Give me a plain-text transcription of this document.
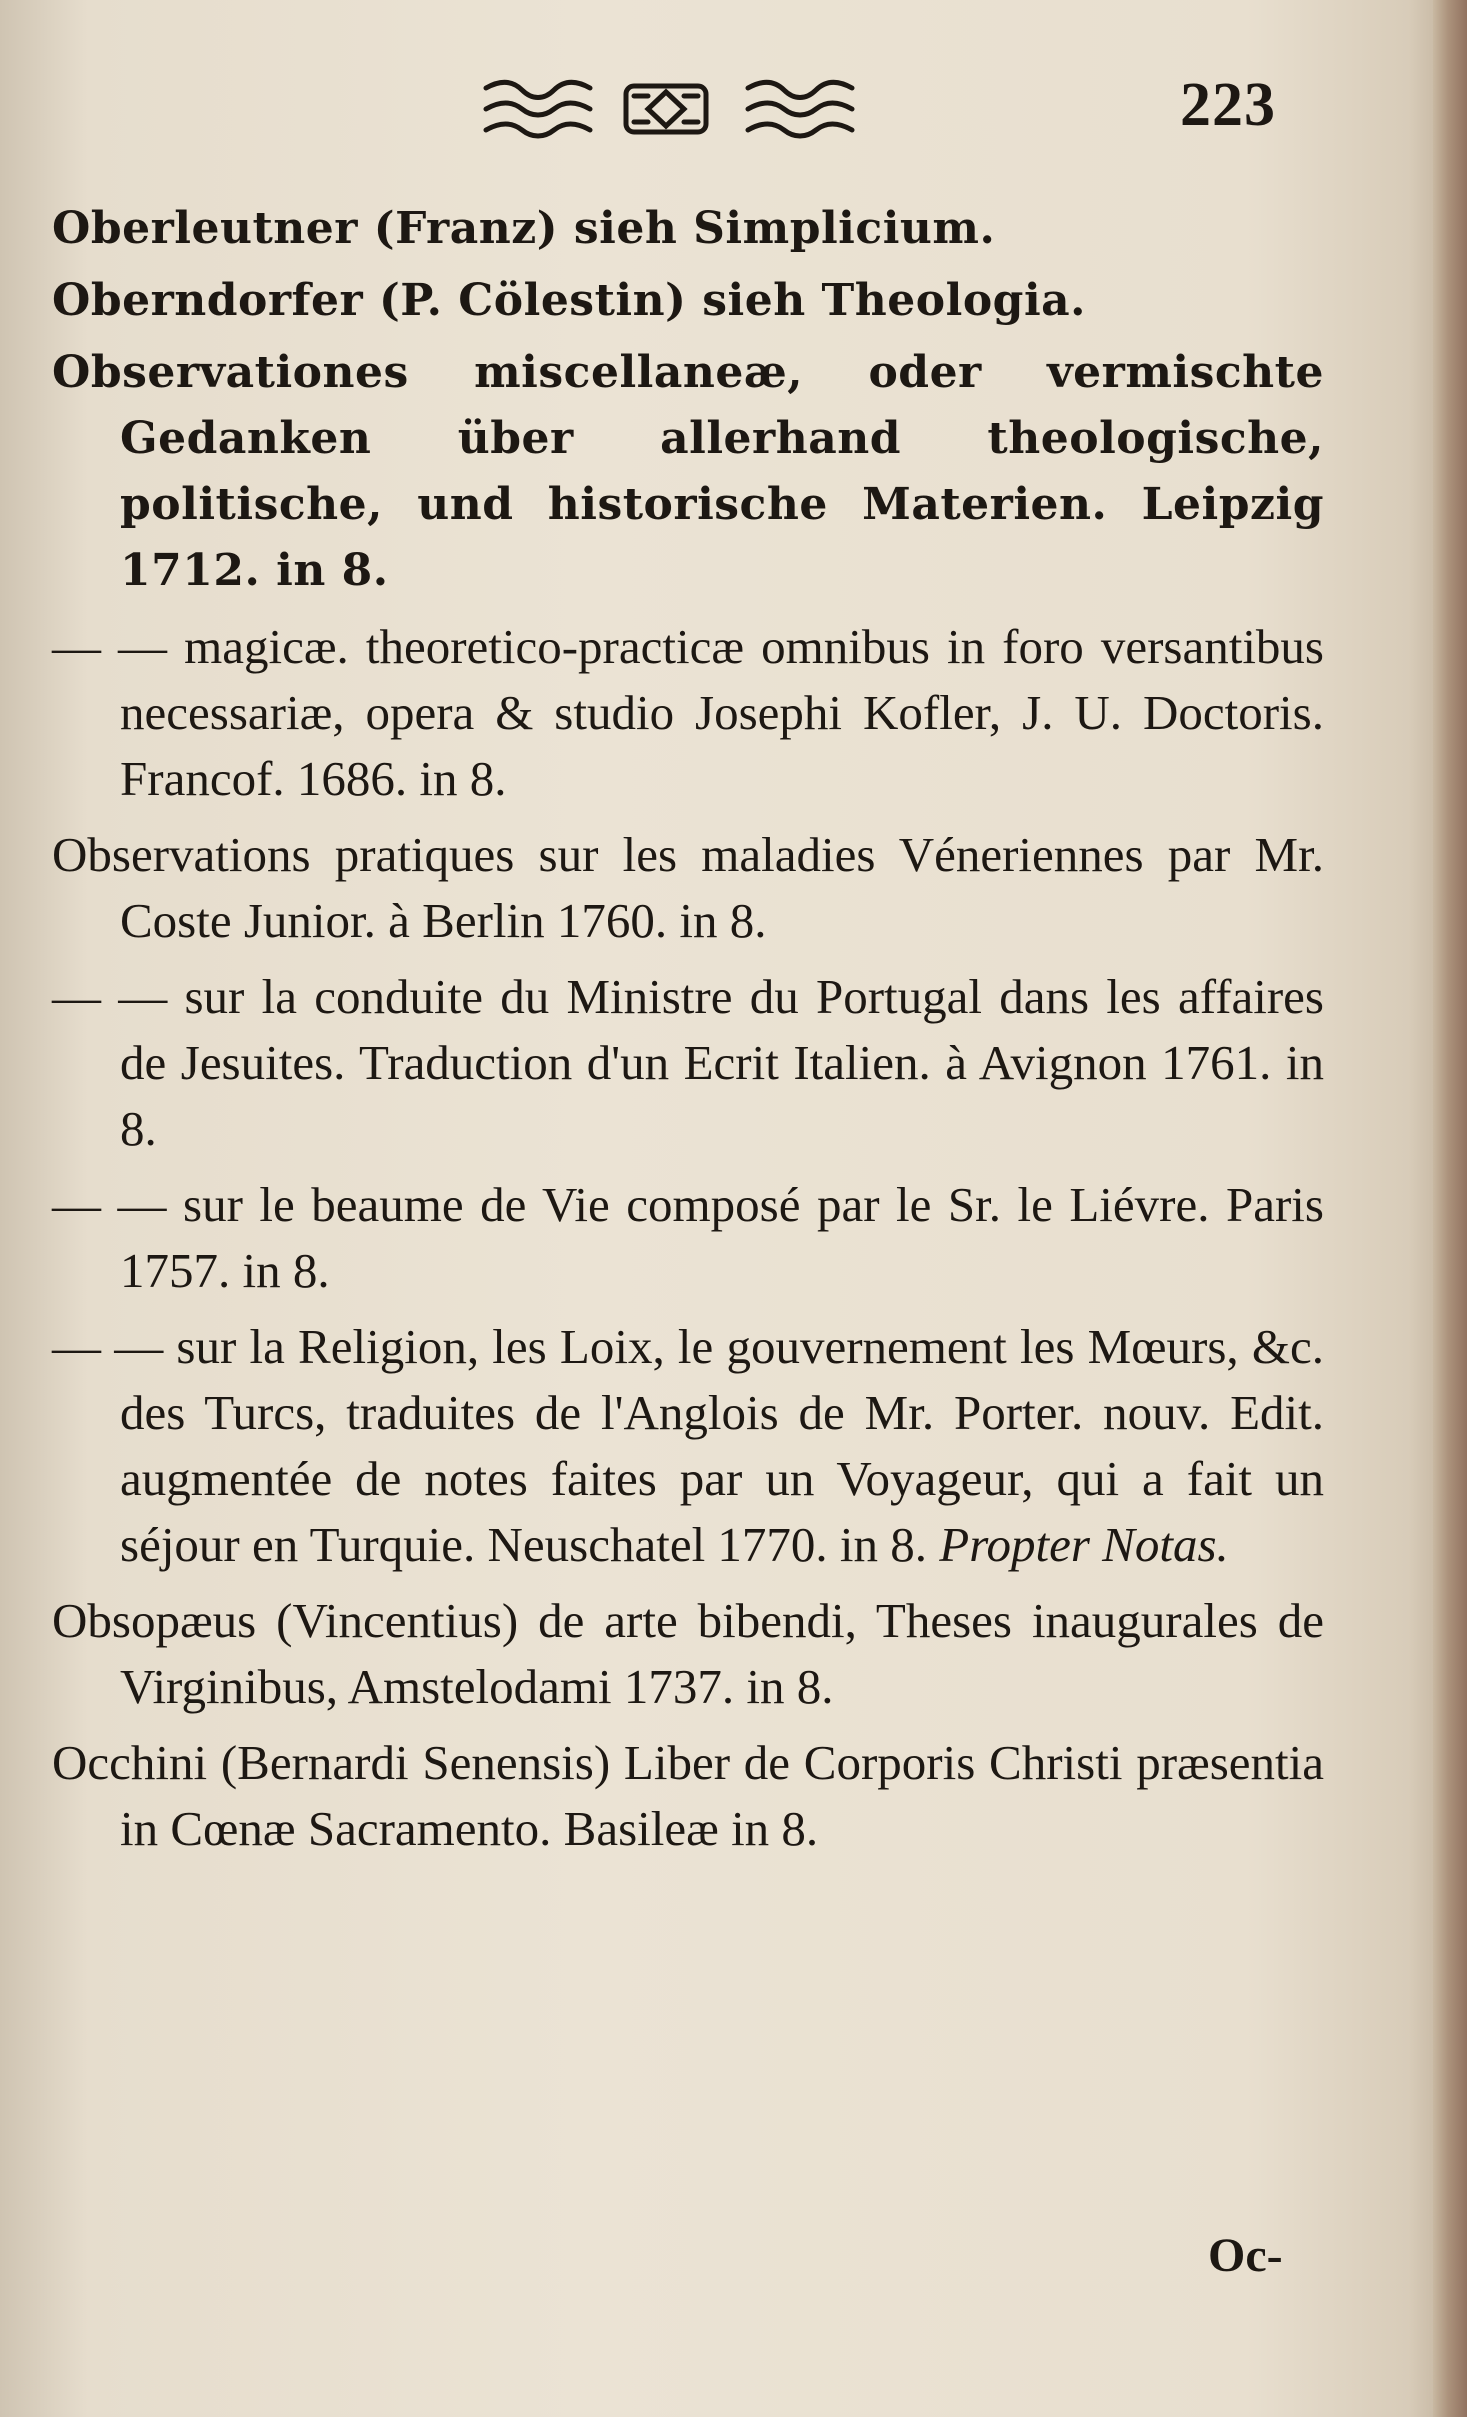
223

Oberleutner (Franz) sieh Simplicium.

Oberndorfer (P. Cölestin) sieh Theologia.

Observationes miscellaneæ, oder vermischte Gedanken über allerhand theologische, politische, und historische Materien. Leipzig 1712. in 8.

— — magicæ. theoretico-practicæ omnibus in foro versantibus necessariæ, opera & studio Josephi Kofler, J. U. Doctoris. Francof. 1686. in 8.

Observations pratiques sur les maladies Véneriennes par Mr. Coste Junior. à Berlin 1760. in 8.

— — sur la conduite du Ministre du Portugal dans les affaires de Jesuites. Traduction d'un Ecrit Italien. à Avignon 1761. in 8.

— — sur le beaume de Vie composé par le Sr. le Liévre. Paris 1757. in 8.

— — sur la Religion, les Loix, le gouvernement les Mœurs, &c. des Turcs, traduites de l'Anglois de Mr. Porter. nouv. Edit. augmentée de notes faites par un Voyageur, qui a fait un séjour en Turquie. Neuschatel 1770. in 8. Propter Notas.

Obsopæus (Vincentius) de arte bibendi, Theses inaugurales de Virginibus, Amstelodami 1737. in 8.

Occhini (Bernardi Senensis) Liber de Corporis Christi præsentia in Cœnæ Sacramento. Basileæ in 8.

Oc-
